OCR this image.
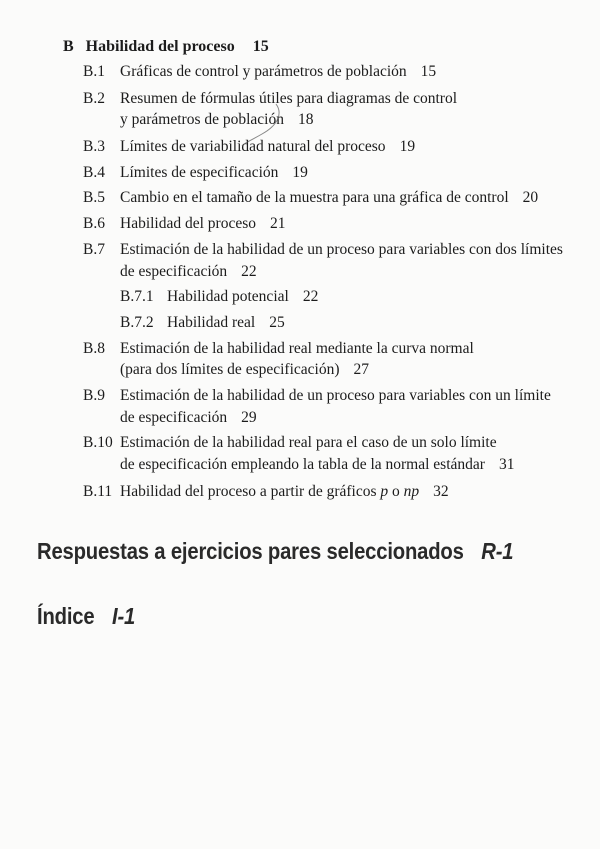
B Habilidad del proceso 15
B.1 Gráficas de control y parámetros de población 15
B.2 Resumen de fórmulas útiles para diagramas de control
y parámetros de población 18
B.3 Límites de variabilidad natural del proceso 19
B.4 Límites de especificación 19
B.5 Cambio en el tamaño de la muestra para una gráfica de control 20
B.6 Habilidad del proceso 21
B.7 Estimación de la habilidad de un proceso para variables con dos límites
de especificación 22
B.7.1 Habilidad potencial 22
B.7.2 Habilidad real 25
B.8 Estimación de la habilidad real mediante la curva normal
(para dos límites de especificación) 27
B.9 Estimación de la habilidad de un proceso para variables con un límite
de especificación 29
B.10 Estimación de la habilidad real para el caso de un solo límite
de especificación empleando la tabla de la normal estándar 31
B.11 Habilidad del proceso a partir de gráficos p o np 32
Respuestas a ejercicios pares seleccionados R-1
Índice I-1
